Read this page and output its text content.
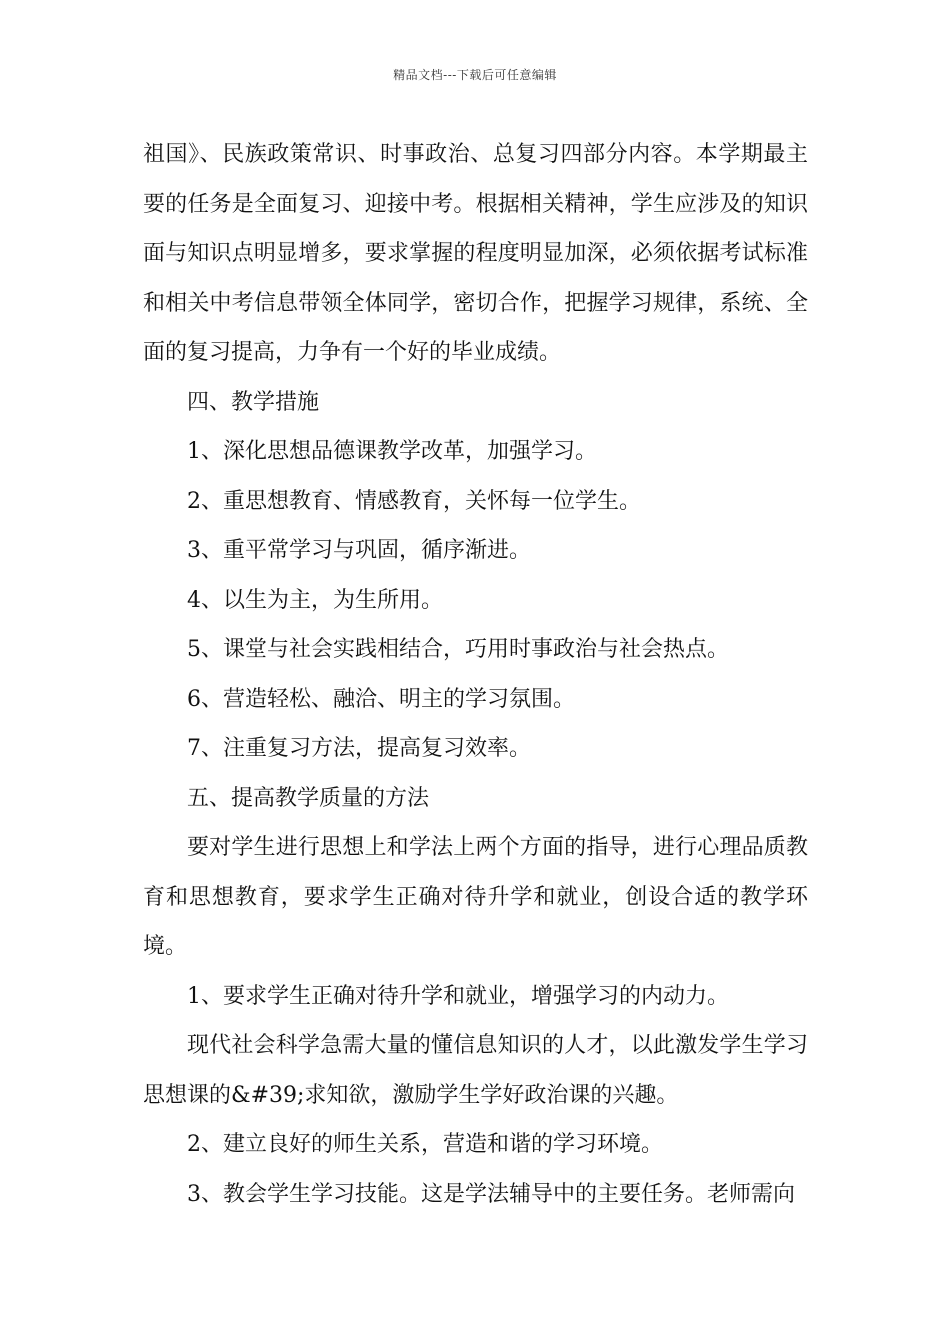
精品文档---下载后可任意编辑

祖国》、民族政策常识、时事政治、总复习四部分内容。本学期最主要的任务是全面复习、迎接中考。根据相关精神，学生应涉及的知识面与知识点明显增多，要求掌握的程度明显加深，必须依据考试标准和相关中考信息带领全体同学，密切合作，把握学习规律，系统、全面的复习提高，力争有一个好的毕业成绩。

四、教学措施

1、深化思想品德课教学改革，加强学习。

2、重思想教育、情感教育，关怀每一位学生。

3、重平常学习与巩固，循序渐进。

4、以生为主，为生所用。

5、课堂与社会实践相结合，巧用时事政治与社会热点。

6、营造轻松、融洽、明主的学习氛围。

7、注重复习方法，提高复习效率。

五、提高教学质量的方法

要对学生进行思想上和学法上两个方面的指导，进行心理品质教育和思想教育，要求学生正确对待升学和就业，创设合适的教学环境。

1、要求学生正确对待升学和就业，增强学习的内动力。

现代社会科学急需大量的懂信息知识的人才，以此激发学生学习思想课的&#39;求知欲，激励学生学好政治课的兴趣。

2、建立良好的师生关系，营造和谐的学习环境。

3、教会学生学习技能。这是学法辅导中的主要任务。老师需向
